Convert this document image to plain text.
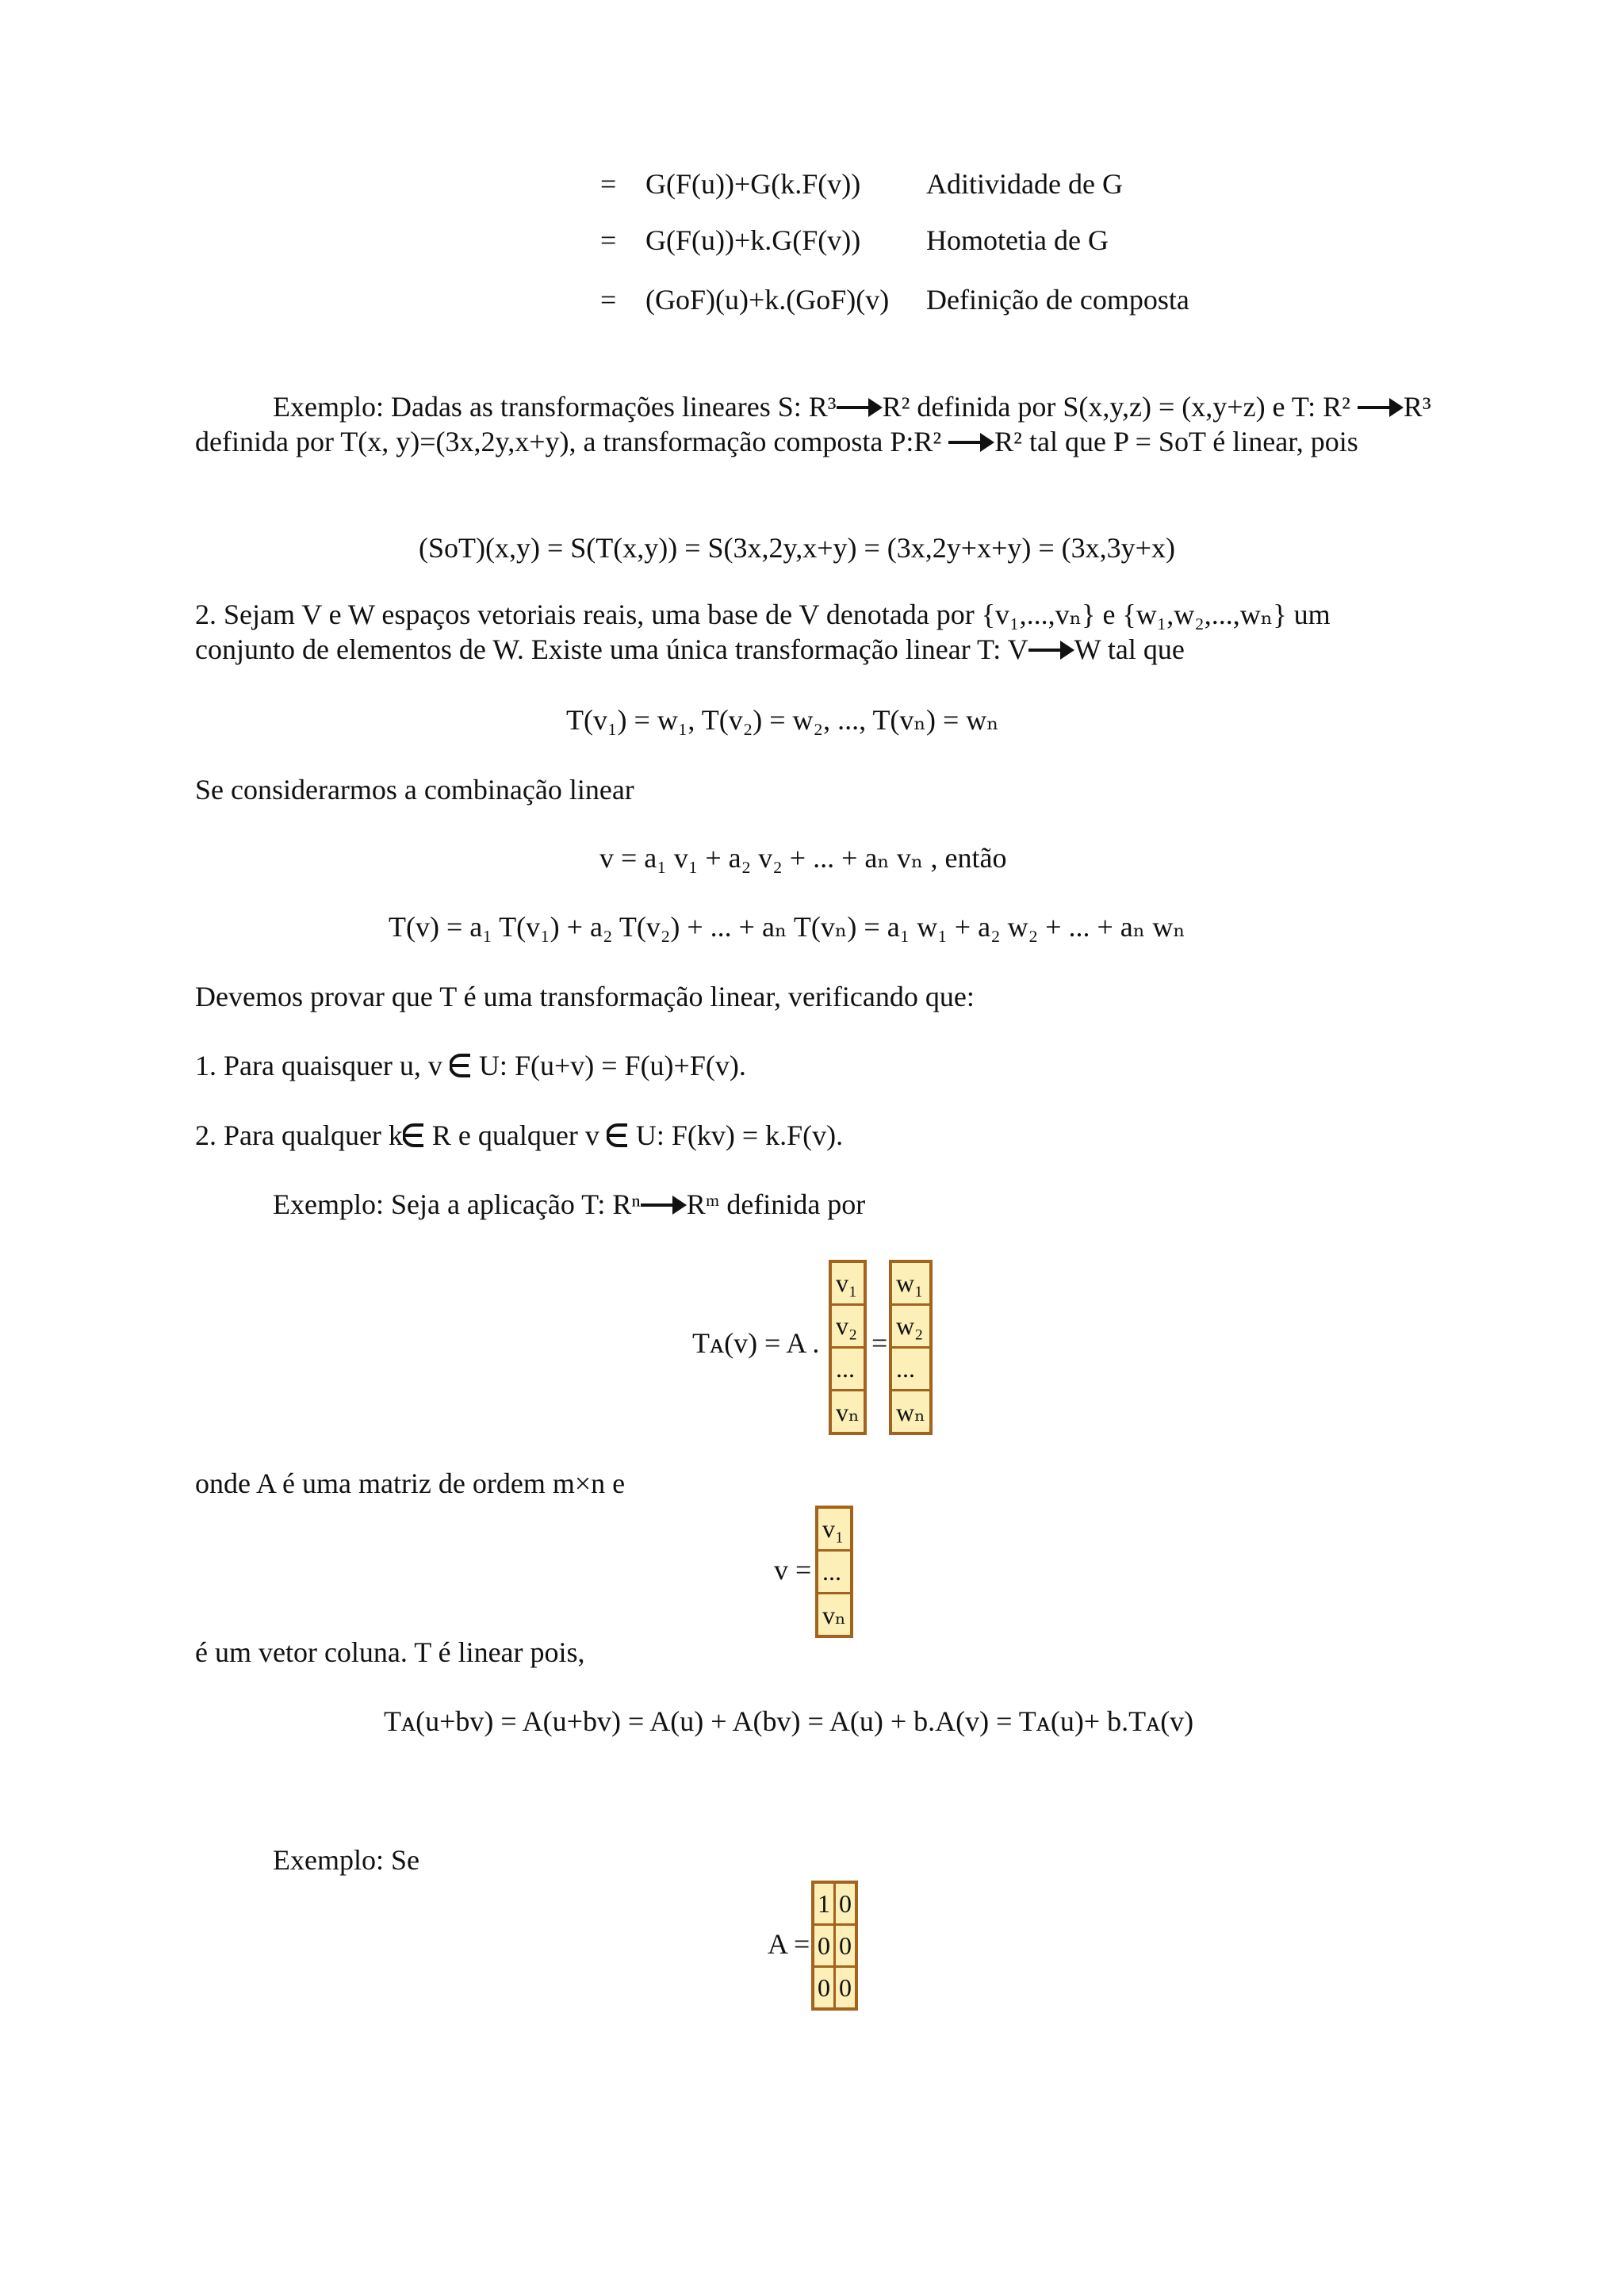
= G(F(u))+G(k.F(v)) Aditividade de G
= G(F(u))+k.G(F(v)) Homotetia de G
= (GoF)(u)+k.(GoF)(v) Definição de composta
Exemplo: Dadas as transformações lineares S: R³ R² definida por S(x,y,z) = (x,y+z) e T: R² R³ definida por T(x, y)=(3x,2y,x+y), a transformação composta P:R² R² tal que P = SoT é linear, pois
(SoT)(x,y) = S(T(x,y)) = S(3x,2y,x+y) = (3x,2y+x+y) = (3x,3y+x)
2. Sejam V e W espaços vetoriais reais, uma base de V denotada por {v₁,...,vₙ} e {w₁,w₂,...,wₙ} um conjunto de elementos de W. Existe uma única transformação linear T: V W tal que
T(v₁) = w₁, T(v₂) = w₂, ..., T(vₙ) = wₙ
Se considerarmos a combinação linear
v = a₁ v₁ + a₂ v₂ + ... + aₙ vₙ , então
T(v) = a₁ T(v₁) + a₂ T(v₂) + ... + aₙ T(vₙ) = a₁ w₁ + a₂ w₂ + ... + aₙ wₙ
Devemos provar que T é uma transformação linear, verificando que:
1. Para quaisquer u, v U: F(u+v) = F(u)+F(v).
2. Para qualquer k R e qualquer v U: F(kv) = k.F(v).
Exemplo: Seja a aplicação T: Rⁿ Rᵐ definida por
Tᴀ(v) = A .
v₁
v₂
...
vₙ
=
w₁
w₂
...
wₙ
onde A é uma matriz de ordem m×n e
v =
v₁
...
vₙ
é um vetor coluna. T é linear pois,
Tᴀ(u+bv) = A(u+bv) = A(u) + A(bv) = A(u) + b.A(v) = Tᴀ(u)+ b.Tᴀ(v)
Exemplo: Se
A =
1	0
0	0
0	0
